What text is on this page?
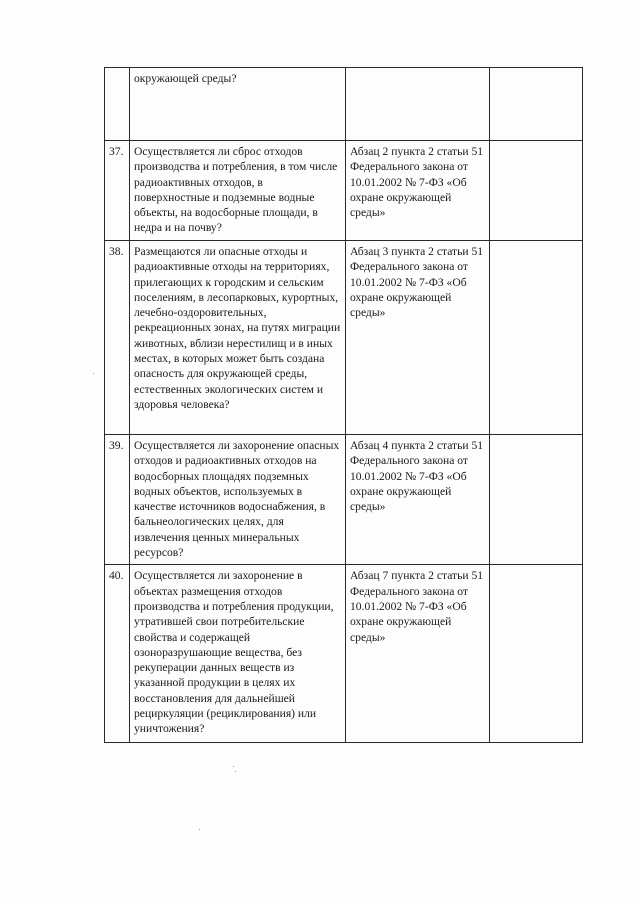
	окружающей среды?		
37.	Осуществляется ли сброс отходов производства и потребления, в том числе радиоактивных отходов, в поверхностные и подземные водные объекты, на водосборные площади, в недра и на почву?	Абзац 2 пункта 2 статьи 51 Федерального закона от 10.01.2002 № 7-ФЗ «Об охране окружающей среды»	
38.	Размещаются ли опасные отходы и радиоактивные отходы на территориях, прилегающих к городским и сельским поселениям, в лесопарковых, курортных, лечебно-оздоровительных, рекреационных зонах, на путях миграции животных, вблизи нерестилищ и в иных местах, в которых может быть создана опасность для окружающей среды, естественных экологических систем и здоровья человека?	Абзац 3 пункта 2 статьи 51 Федерального закона от 10.01.2002 № 7-ФЗ «Об охране окружающей среды»	
39.	Осуществляется ли захоронение опасных отходов и радиоактивных отходов на водосборных площадях подземных водных объектов, используемых в качестве источников водоснабжения, в бальнеологических целях, для извлечения ценных минеральных ресурсов?	Абзац 4 пункта 2 статьи 51 Федерального закона от 10.01.2002 № 7-ФЗ «Об охране окружающей среды»	
40.	Осуществляется ли захоронение в объектах размещения отходов производства и потребления продукции, утратившей свои потребительские свойства и содержащей озоноразрушающие вещества, без рекуперации данных веществ из указанной продукции в целях их восстановления для дальнейшей рециркуляции (рециклирования) или уничтожения?	Абзац 7 пункта 2 статьи 51 Федерального закона от 10.01.2002 № 7-ФЗ «Об охране окружающей среды»	
